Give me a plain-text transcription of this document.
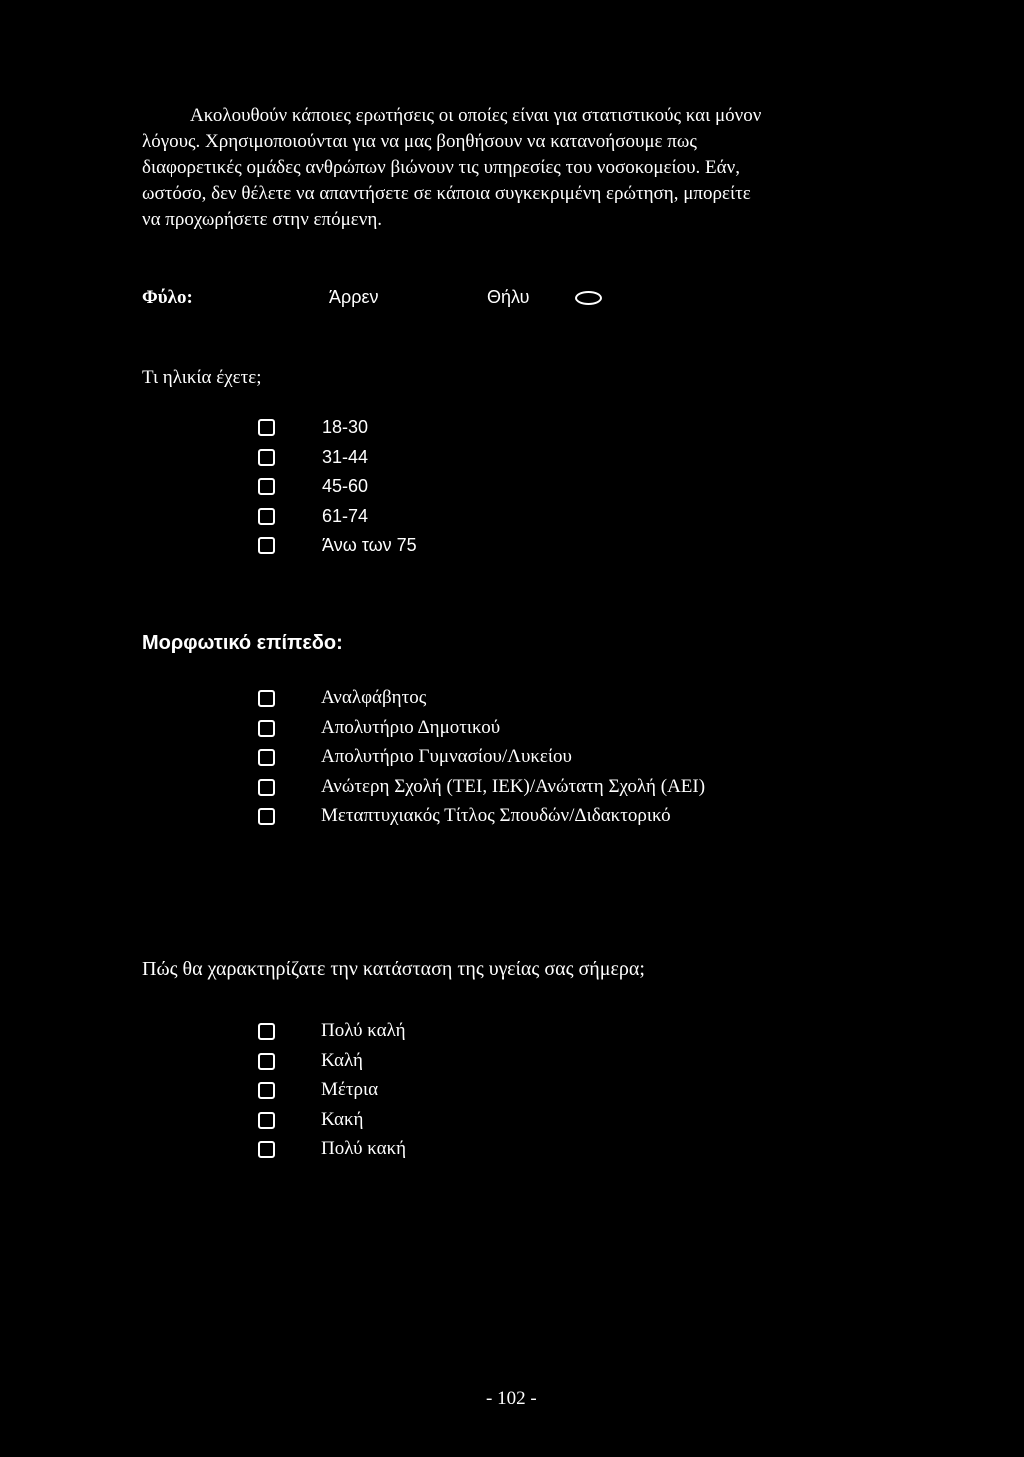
Ακολουθούν κάποιες ερωτήσεις οι οποίες είναι για στατιστικούς και μόνον
λόγους. Χρησιμοποιούνται για να μας βοηθήσουν να κατανοήσουμε πως
διαφορετικές ομάδες ανθρώπων βιώνουν τις υπηρεσίες του νοσοκομείου. Εάν,
ωστόσο, δεν θέλετε να απαντήσετε σε κάποια συγκεκριμένη ερώτηση, μπορείτε
να προχωρήσετε στην επόμενη.

Φύλο:	Άρρεν	Θήλυ

Τι ηλικία έχετε;

18-30
31-44
45-60
61-74
Άνω των 75

Μορφωτικό επίπεδο:

Αναλφάβητος
Απολυτήριο Δημοτικού
Απολυτήριο Γυμνασίου/Λυκείου
Ανώτερη Σχολή (ΤΕΙ, ΙΕΚ)/Ανώτατη Σχολή (ΑΕΙ)
Μεταπτυχιακός Τίτλος Σπουδών/Διδακτορικό

Πώς θα χαρακτηρίζατε την κατάσταση της υγείας σας σήμερα;

Πολύ καλή
Καλή
Μέτρια
Κακή
Πολύ κακή
- 102 -
